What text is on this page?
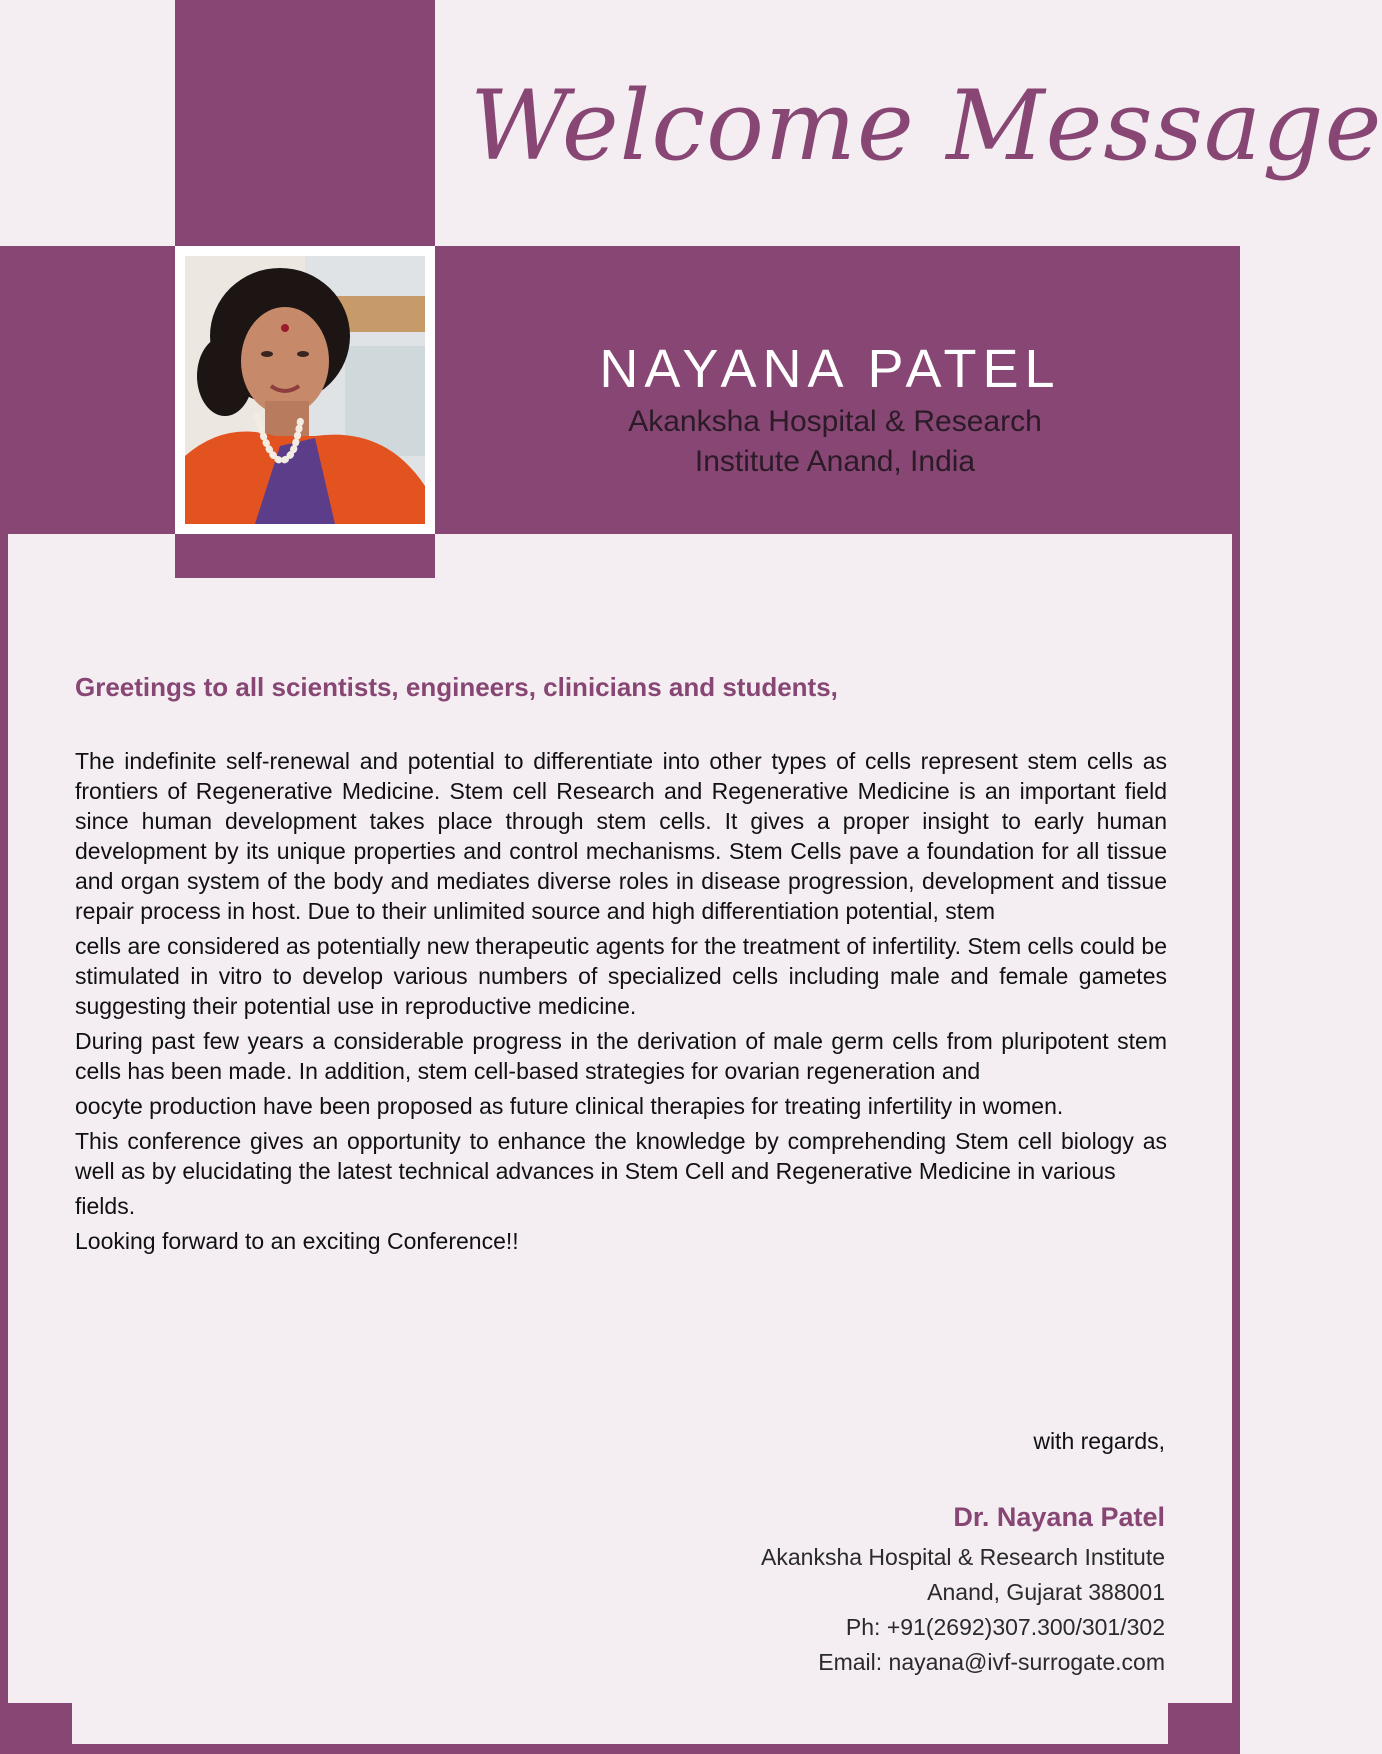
Welcome Message
NAYANA PATEL
Akanksha Hospital & Research
Institute Anand, India
Greetings to all scientists, engineers, clinicians and students,

The indefinite self-renewal and potential to differentiate into other types of cells represent stem cells as frontiers of Regenerative Medicine. Stem cell Research and Regenerative Medicine is an important field since human development takes place through stem cells. It gives a proper insight to early human development by its unique properties and control mechanisms. Stem Cells pave a foundation for all tissue and organ system of the body and mediates diverse roles in disease progression, development and tissue repair process in host. Due to their unlimited source and high differentiation potential, stem

cells are considered as potentially new therapeutic agents for the treatment of infertility. Stem cells could be stimulated in vitro to develop various numbers of specialized cells including male and female gametes suggesting their potential use in reproductive medicine.

During past few years a considerable progress in the derivation of male germ cells from pluripotent stem cells has been made. In addition, stem cell-based strategies for ovarian regeneration and

oocyte production have been proposed as future clinical therapies for treating infertility in women.

This conference gives an opportunity to enhance the knowledge by comprehending Stem cell biology as well as by elucidating the latest technical advances in Stem Cell and Regenerative Medicine in various

fields.

Looking forward to an exciting Conference!!

with regards,
Dr. Nayana Patel
Akanksha Hospital & Research Institute
Anand, Gujarat 388001
Ph: +91(2692)307.300/301/302
Email: nayana@ivf-surrogate.com
